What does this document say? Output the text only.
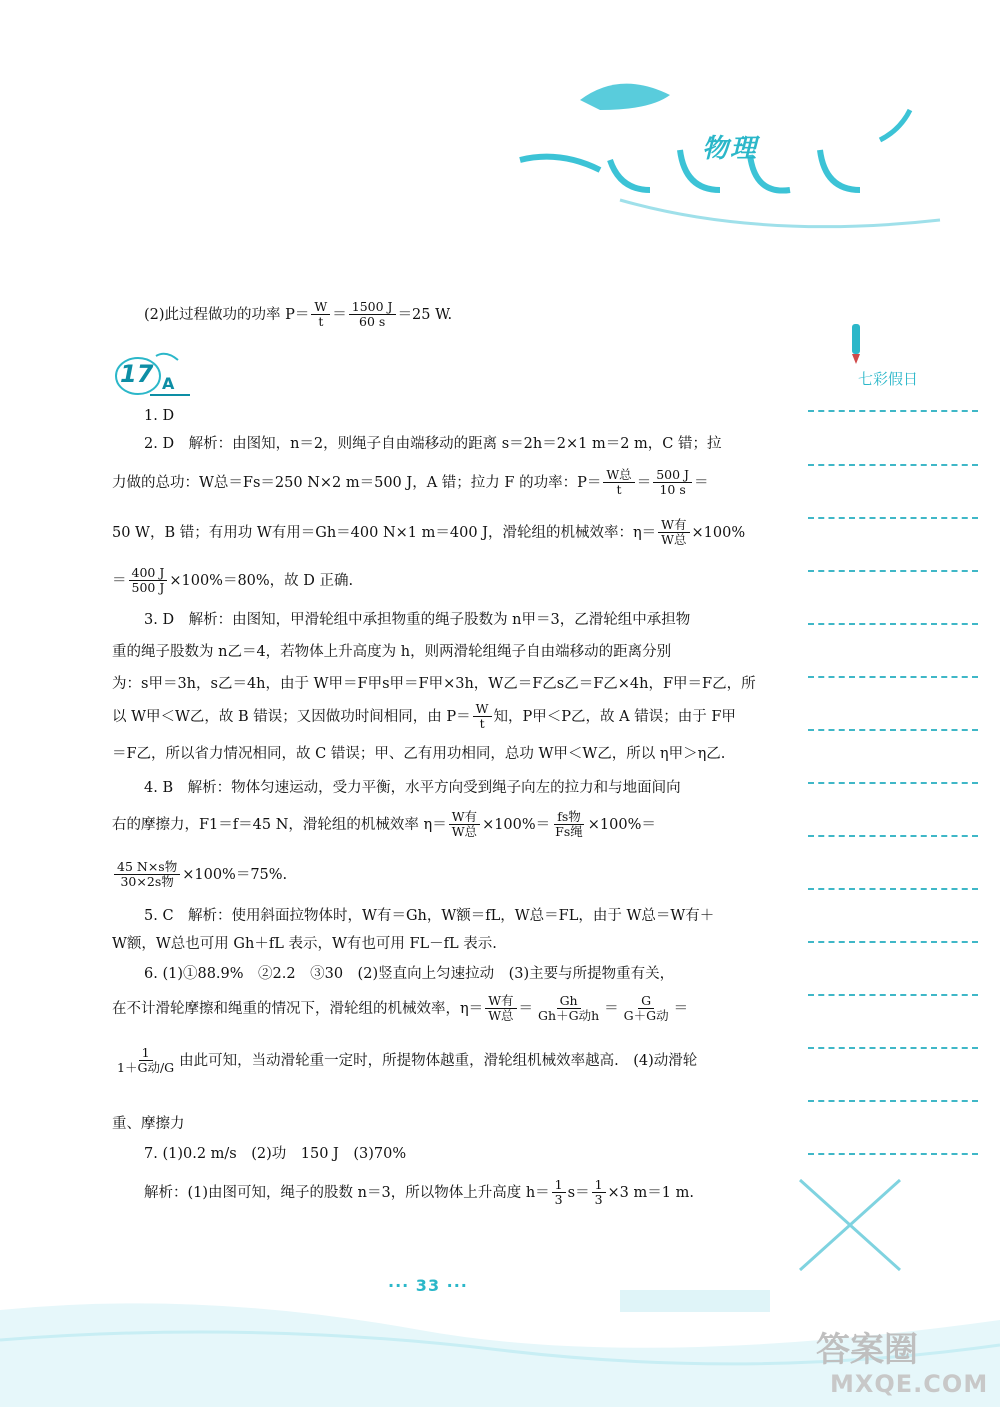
物理
七彩假日
17 A
(2)此过程做功的功率 $P= \frac{W}{t} = \frac{1500 J}{60 s} =25$ W.
1. D
2. D　解析：由图知，n＝2，则绳子自由端移动的距离 s＝2h＝2×1 m＝2 m，C 错；拉
力做的总功：W总＝Fs＝250 N×2 m＝500 J，A 错；拉力 F 的功率：$P= \frac{\text{W总}}{t} = \frac{500 J}{10 s}$ ＝
50 W，B 错；有用功 W有用＝Gh＝400 N×1 m＝400 J，滑轮组的机械效率：$\eta= \frac{\text{W有}}{\text{W总}} \times 100\%$
＝ $\frac{400 J}{500 J} \times 100\%=80\%$，故 D 正确.
3. D　解析：由图知，甲滑轮组中承担物重的绳子股数为 n甲＝3，乙滑轮组中承担物
重的绳子股数为 n乙＝4，若物体上升高度为 h，则两滑轮组绳子自由端移动的距离分别
为：s甲＝3h，s乙＝4h，由于 W甲＝F甲s甲＝F甲×3h，W乙＝F乙s乙＝F乙×4h，F甲＝F乙，所
以 W甲＜W乙，故 B 错误；又因做功时间相同，由 $P= \frac{W}{t}$ 知，P甲＜P乙，故 A 错误；由于 F甲
＝F乙，所以省力情况相同，故 C 错误；甲、乙有用功相同，总功 W甲＜W乙，所以 η甲＞η乙.
4. B　解析：物体匀速运动，受力平衡，水平方向受到绳子向左的拉力和与地面间向
右的摩擦力，F1＝f＝45 N，滑轮组的机械效率 $\eta= \frac{\text{W有}}{\text{W总}} \times 100\%= \frac{\text{fs物}}{\text{Fs绳}} \times 100\%=$
$\frac{\text{45 N×s物}}{\text{30×2s物}} \times 100\%=75\%$.
5. C　解析：使用斜面拉物体时，W有＝Gh，W额＝fL，W总＝FL，由于 W总＝W有＋
W额，W总也可用 Gh＋fL 表示，W有也可用 FL－fL 表示.
6. (1)①88.9%　②2.2　③30　(2)竖直向上匀速拉动　(3)主要与所提物重有关，
在不计滑轮摩擦和绳重的情况下，滑轮组的机械效率，$\eta= \frac{\text{W有}}{\text{W总}} = \frac{Gh}{\text{Gh＋G动h}} = \frac{G}{\text{G＋G动}}$ ＝
$\frac{1}{\text{1＋G动/G}}$ 由此可知，当动滑轮重一定时，所提物体越重，滑轮组机械效率越高.　(4)动滑轮
重、摩擦力
7. (1)0.2 m/s　(2)功　150 J　(3)70%
解析：(1)由图可知，绳子的股数 n＝3，所以物体上升高度 $h= \frac{1}{3} s= \frac{1}{3} \times 3$ m＝1 m.
··· 33 ···
答案圈
MXQE.COM
